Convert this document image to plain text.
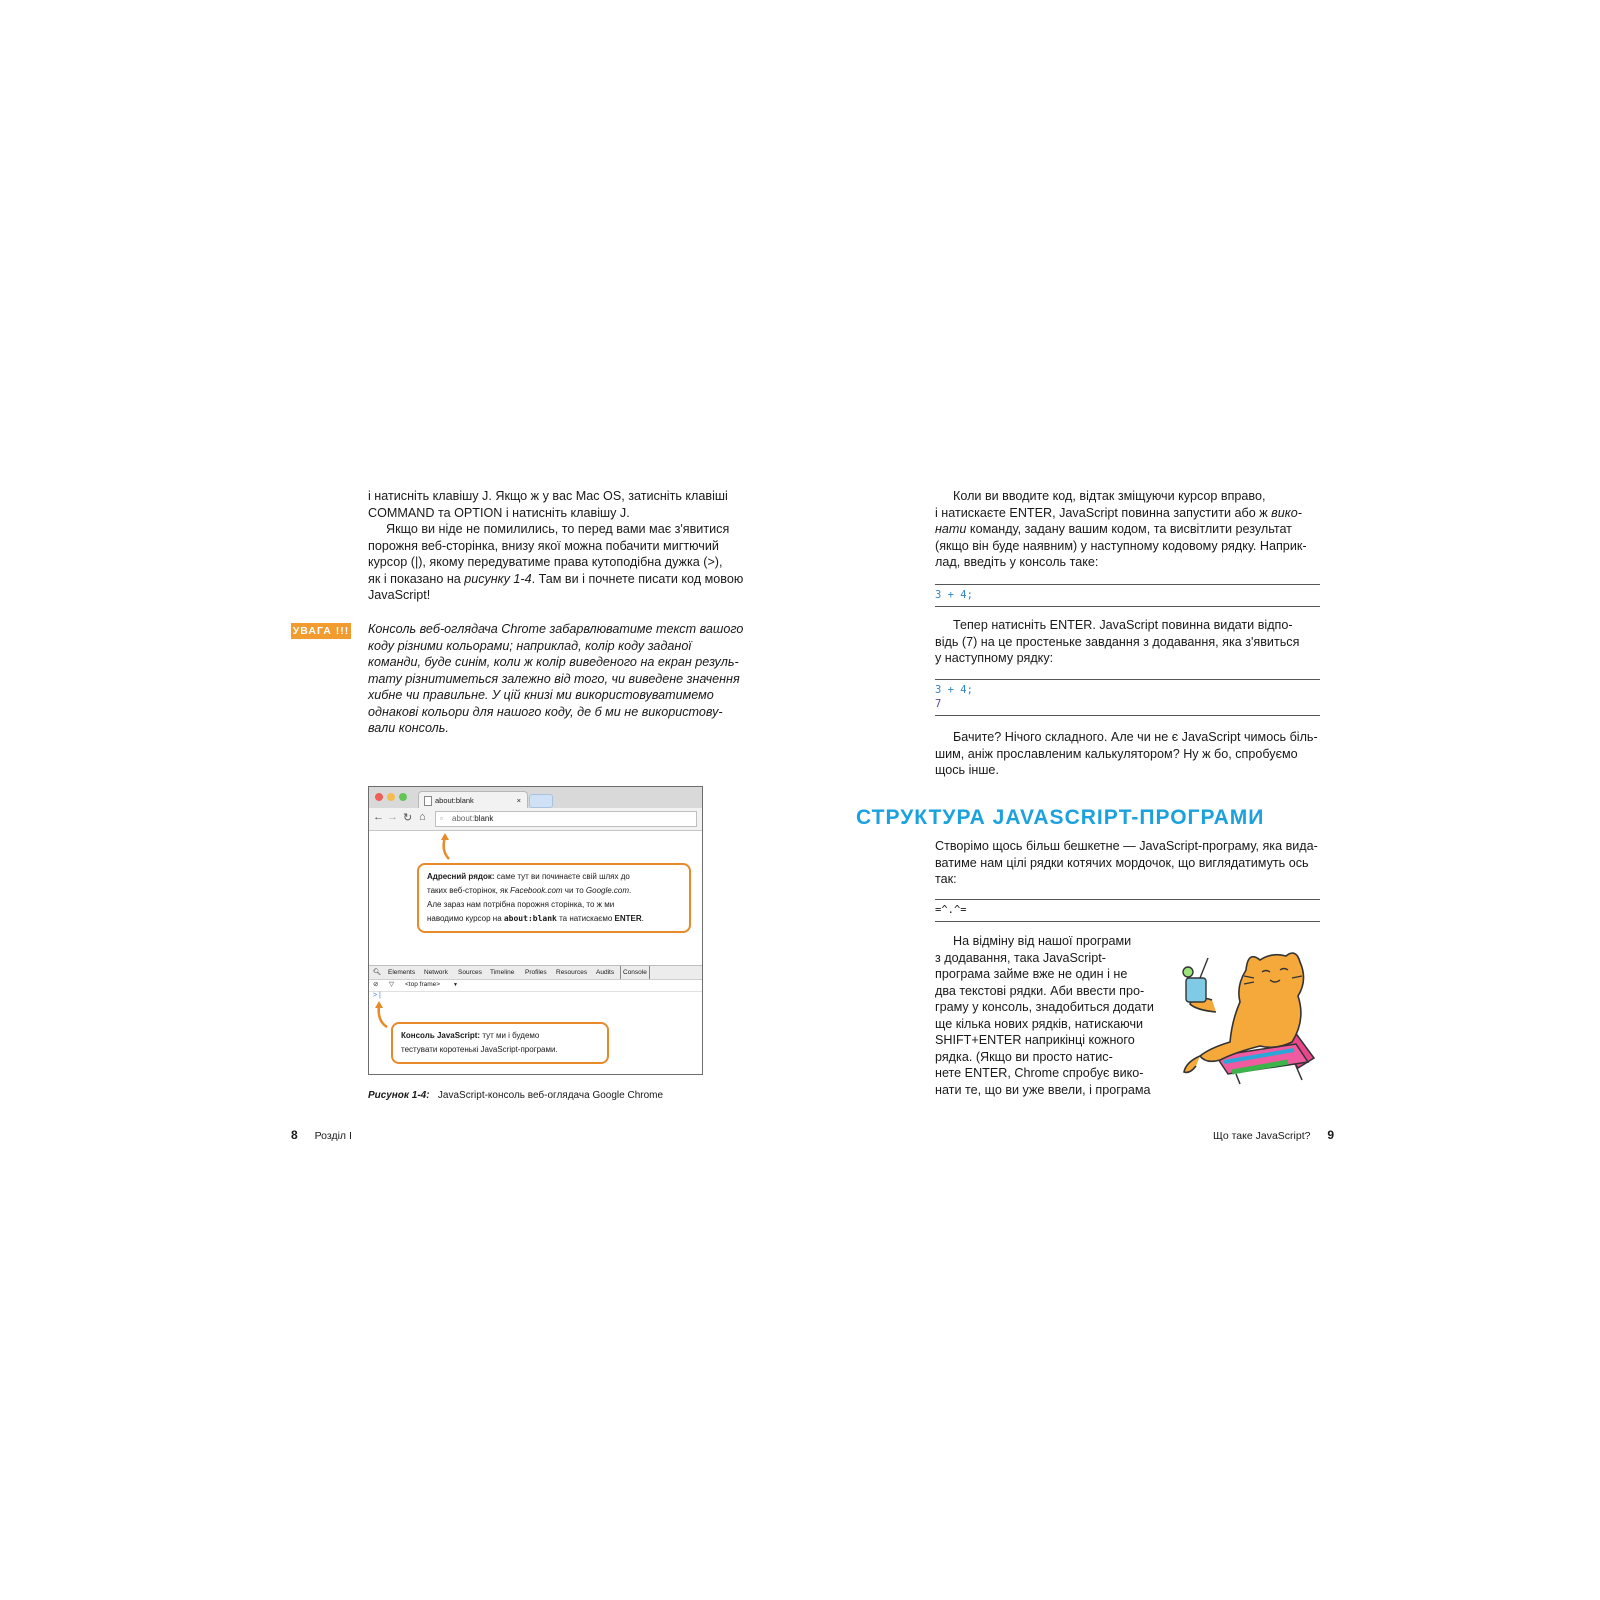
і натисніть клавішу J. Якщо ж у вас Mac OS, затисніть клавіші

COMMAND та OPTION і натисніть клавішу J.

Якщо ви ніде не помилились, то перед вами має з'явитися

порожня веб-сторінка, внизу якої можна побачити мигтючий

курсор (|), якому передуватиме права кутоподібна дужка (>),

як і показано на рисунку 1-4. Там ви і почнете писати код мовою

JavaScript!

УВАГА !!! Консоль веб-оглядача Chrome забарвлюватиме текст вашого

коду різними кольорами; наприклад, колір коду заданої

команди, буде синім, коли ж колір виведеного на екран резуль-

тату різнитиметься залежно від того, чи виведене значення

хибне чи правильне. У цій книзі ми використовуватимемо

однакові кольори для нашого коду, де б ми не використову-

вали консоль.

about:blank	×
← → ↻ ⌂ ▫ about:blank
Адресний рядок: саме тут ви починаєте свій шлях до
таких веб-сторінок, як Facebook.com чи то Google.com.
Але зараз нам потрібна порожня сторінка, то ж ми
наводимо курсор на about:blank та натискаємо ENTER.
🔍︎ Elements Network Sources Timeline Profiles Resources Audits	Console
⊘ ▽ <top frame>	▼
> |
Консоль JavaScript: тут ми і будемо
тестувати коротенькі JavaScript-програми.
Рисунок 1-4: JavaScript-консоль веб-оглядача Google Chrome
8 Розділ І

Коли ви вводите код, відтак зміщуючи курсор вправо,

і натискаєте ENTER, JavaScript повинна запустити або ж вико-

нати команду, задану вашим кодом, та висвітлити результат

(якщо він буде наявним) у наступному кодовому рядку. Наприк-

лад, введіть у консоль таке:

3 + 4;

Тепер натисніть ENTER. JavaScript повинна видати відпо-

відь (7) на це простеньке завдання з додавання, яка з'явиться

у наступному рядку:

3 + 4;
7

Бачите? Нічого складного. Але чи не є JavaScript чимось біль-

шим, аніж прославленим калькулятором? Ну ж бо, спробуємо

щось інше.

СТРУКТУРА JAVASCRIPT-ПРОГРАМИ

Створімо щось більш бешкетне — JavaScript-програму, яка вида-

ватиме нам цілі рядки котячих мордочок, що виглядатимуть ось

так:

=^.^=

На відміну від нашої програми

з додавання, така JavaScript-

програма займе вже не один і не

два текстові рядки. Аби ввести про-

граму у консоль, знадобиться додати

ще кілька нових рядків, натискаючи

SHIFT+ENTER наприкінці кожного

рядка. (Якщо ви просто натис-

нете ENTER, Chrome спробує вико-

нати те, що ви уже ввели, і програма

Що таке JavaScript? 9
